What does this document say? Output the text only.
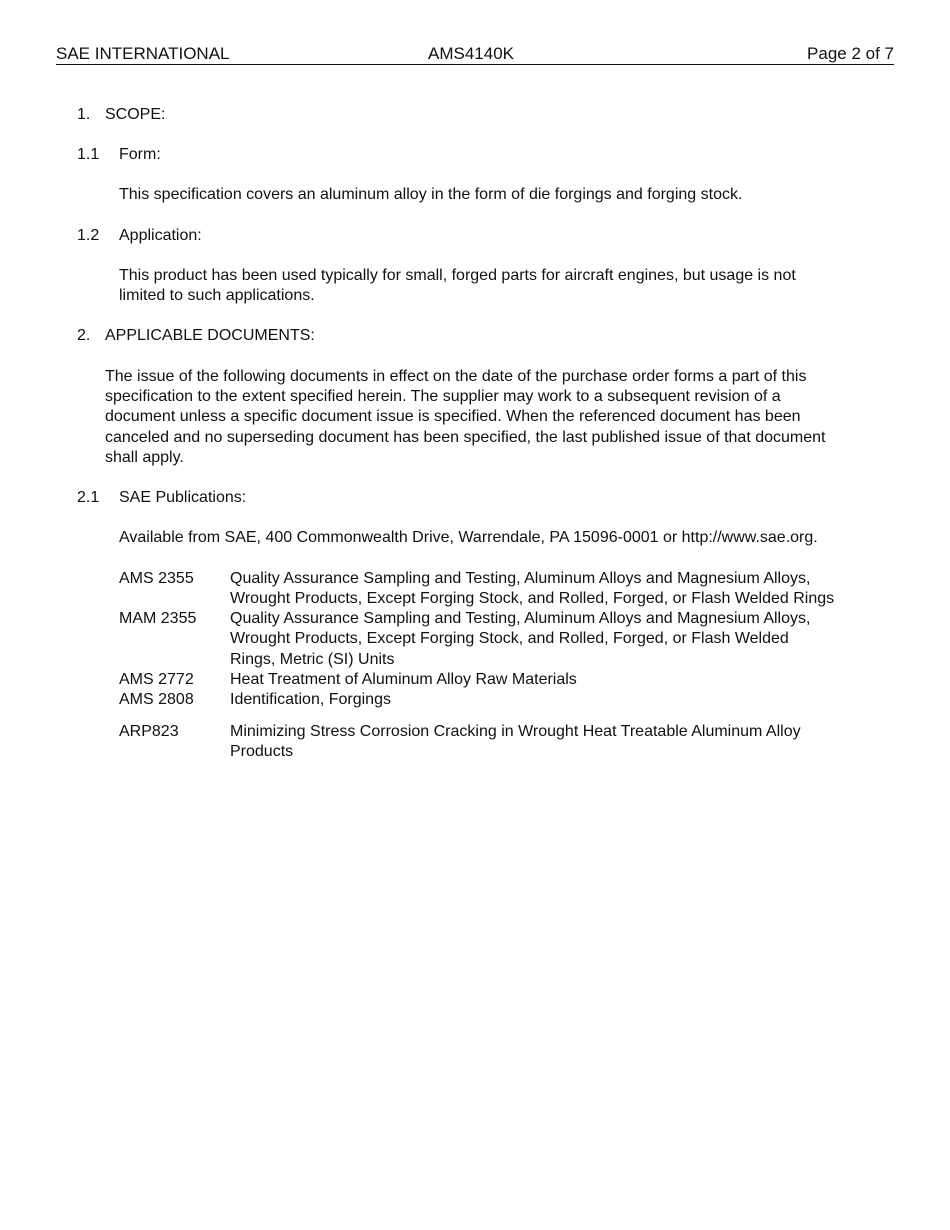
SAE INTERNATIONAL	AMS4140K	Page 2 of 7
1. SCOPE:
1.1 Form:
This specification covers an aluminum alloy in the form of die forgings and forging stock.
1.2 Application:
This product has been used typically for small, forged parts for aircraft engines, but usage is not
limited to such applications.
2. APPLICABLE DOCUMENTS:
The issue of the following documents in effect on the date of the purchase order forms a part of this
specification to the extent specified herein. The supplier may work to a subsequent revision of a
document unless a specific document issue is specified. When the referenced document has been
canceled and no superseding document has been specified, the last published issue of that document
shall apply.
2.1 SAE Publications:
Available from SAE, 400 Commonwealth Drive, Warrendale, PA 15096-0001 or http://www.sae.org.
AMS 2355 Quality Assurance Sampling and Testing, Aluminum Alloys and Magnesium Alloys,
Wrought Products, Except Forging Stock, and Rolled, Forged, or Flash Welded Rings
MAM 2355 Quality Assurance Sampling and Testing, Aluminum Alloys and Magnesium Alloys,
Wrought Products, Except Forging Stock, and Rolled, Forged, or Flash Welded
Rings, Metric (SI) Units
AMS 2772 Heat Treatment of Aluminum Alloy Raw Materials
AMS 2808 Identification, Forgings
ARP823	Minimizing Stress Corrosion Cracking in Wrought Heat Treatable Aluminum Alloy
Products
